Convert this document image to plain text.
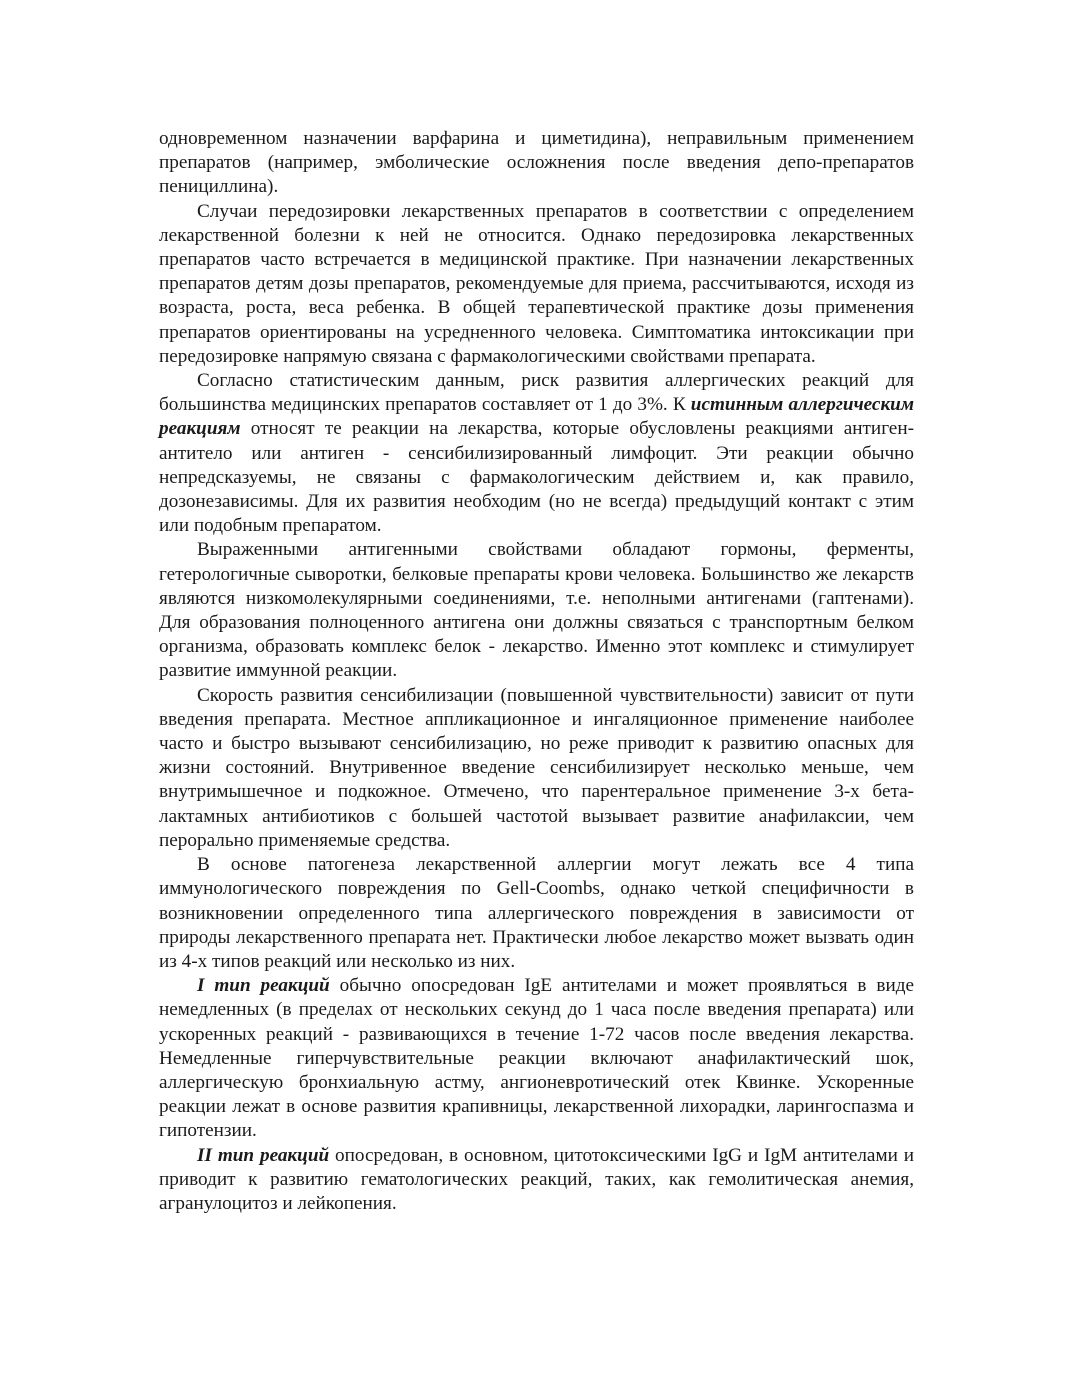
одновременном назначении варфарина и циметидина), неправильным применением препаратов (например, эмболические осложнения после введения депо-препаратов пенициллина).

Случаи передозировки лекарственных препаратов в соответствии с определением лекарственной болезни к ней не относится. Однако передозировка лекарственных препаратов часто встречается в медицинской практике. При назначении лекарственных препаратов детям дозы препаратов, рекомендуемые для приема, рассчитываются, исходя из возраста, роста, веса ребенка. В общей терапевтической практике дозы применения препаратов ориентированы на усредненного человека. Симптоматика интоксикации при передозировке напрямую связана с фармакологическими свойствами препарата.

Согласно статистическим данным, риск развития аллергических реакций для большинства медицинских препаратов составляет от 1 до 3%. К истинным аллергическим реакциям относят те реакции на лекарства, которые обусловлены реакциями антиген-антитело или антиген - сенсибилизированный лимфоцит. Эти реакции обычно непредсказуемы, не связаны с фармакологическим действием и, как правило, дозонезависимы. Для их развития необходим (но не всегда) предыдущий контакт с этим или подобным препаратом.

Выраженными антигенными свойствами обладают гормоны, ферменты, гетерологичные сыворотки, белковые препараты крови человека. Большинство же лекарств являются низкомолекулярными соединениями, т.е. неполными антигенами (гаптенами). Для образования полноценного антигена они должны связаться с транспортным белком организма, образовать комплекс белок - лекарство. Именно этот комплекс и стимулирует развитие иммунной реакции.

Скорость развития сенсибилизации (повышенной чувствительности) зависит от пути введения препарата. Местное аппликационное и ингаляционное применение наиболее часто и быстро вызывают сенсибилизацию, но реже приводит к развитию опасных для жизни состояний. Внутривенное введение сенсибилизирует несколько меньше, чем внутримышечное и подкожное. Отмечено, что парентеральное применение 3-х бета-лактамных антибиотиков с большей частотой вызывает развитие анафилаксии, чем перорально применяемые средства.

В основе патогенеза лекарственной аллергии могут лежать все 4 типа иммунологического повреждения по Gell-Coombs, однако четкой специфичности в возникновении определенного типа аллергического повреждения в зависимости от природы лекарственного препарата нет. Практически любое лекарство может вызвать один из 4-х типов реакций или несколько из них.

I тип реакций обычно опосредован IgE антителами и может проявляться в виде немедленных (в пределах от нескольких секунд до 1 часа после введения препарата) или ускоренных реакций - развивающихся в течение 1-72 часов после введения лекарства. Немедленные гиперчувствительные реакции включают анафилактический шок, аллергическую бронхиальную астму, ангионевротический отек Квинке. Ускоренные реакции лежат в основе развития крапивницы, лекарственной лихорадки, ларингоспазма и гипотензии.

II тип реакций опосредован, в основном, цитотоксическими IgG и IgM антителами и приводит к развитию гематологических реакций, таких, как гемолитическая анемия, агранулоцитоз и лейкопения.
